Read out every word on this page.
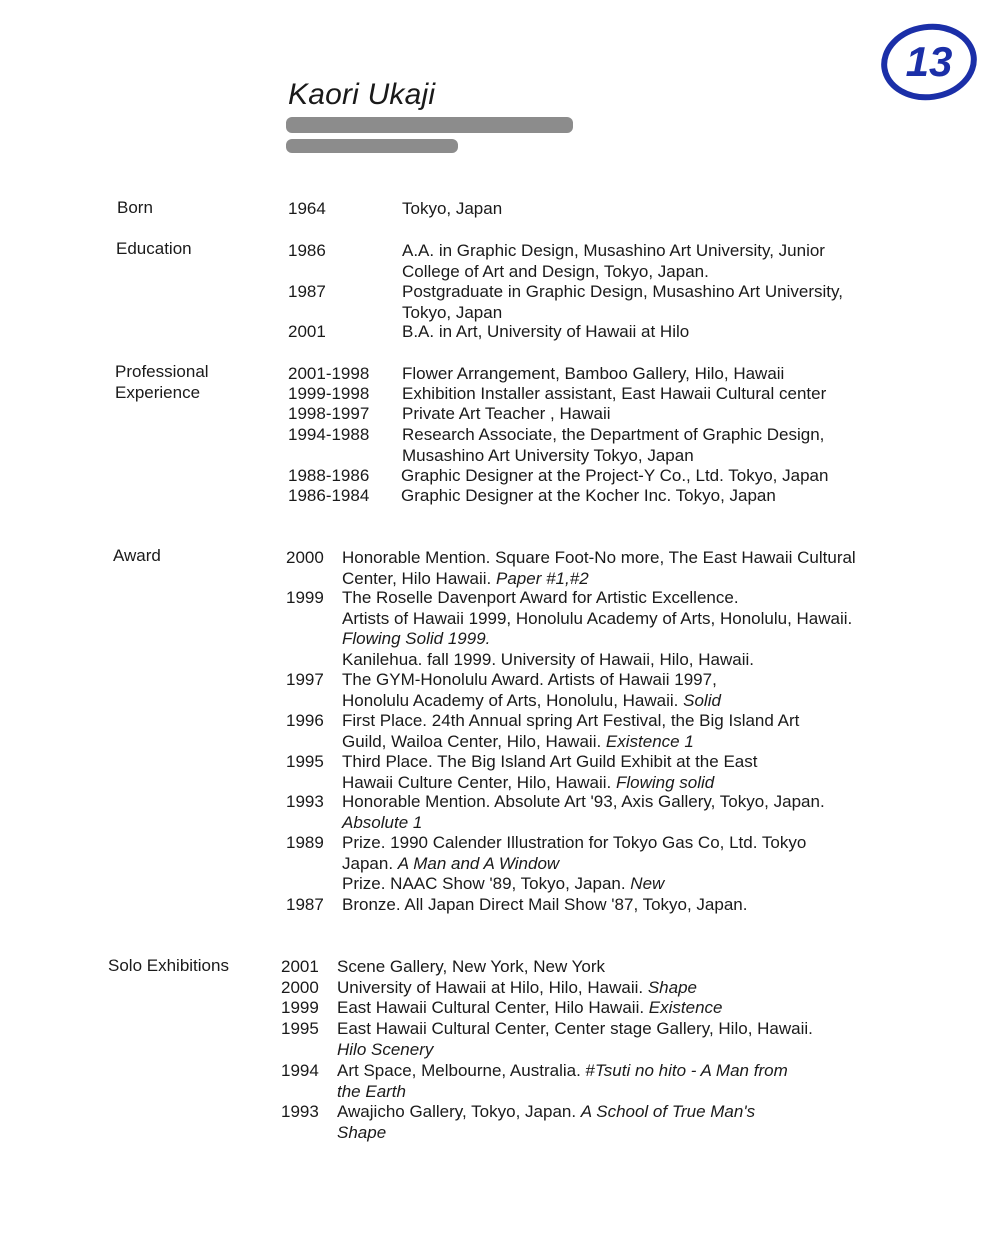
13
Kaori Ukaji
Born	1964	Tokyo, Japan
Education	1986	A.A. in Graphic Design, Musashino Art University, Junior
College of Art and Design, Tokyo, Japan.
1987	Postgraduate in Graphic Design, Musashino Art University,
Tokyo, Japan
2001	B.A. in Art, University of Hawaii at Hilo
Professional
Experience
2001-1998 Flower Arrangement, Bamboo Gallery, Hilo, Hawaii
1999-1998 Exhibition Installer assistant, East Hawaii Cultural center
1998-1997 Private Art Teacher , Hawaii
1994-1988 Research Associate, the Department of Graphic Design,
Musashino Art University Tokyo, Japan
1988-1986 Graphic Designer at the Project-Y Co., Ltd. Tokyo, Japan
1986-1984 Graphic Designer at the Kocher Inc. Tokyo, Japan
Award	2000 Honorable Mention. Square Foot-No more, The East Hawaii Cultural
Center, Hilo Hawaii. Paper #1,#2
1999 The Roselle Davenport Award for Artistic Excellence.
Artists of Hawaii 1999, Honolulu Academy of Arts, Honolulu, Hawaii.
Flowing Solid 1999.
Kanilehua. fall 1999. University of Hawaii, Hilo, Hawaii.
1997 The GYM-Honolulu Award. Artists of Hawaii 1997,
Honolulu Academy of Arts, Honolulu, Hawaii. Solid
1996 First Place. 24th Annual spring Art Festival, the Big Island Art
Guild, Wailoa Center, Hilo, Hawaii. Existence 1
1995 Third Place. The Big Island Art Guild Exhibit at the East
Hawaii Culture Center, Hilo, Hawaii. Flowing solid
1993 Honorable Mention. Absolute Art '93, Axis Gallery, Tokyo, Japan.
Absolute 1
1989 Prize. 1990 Calender Illustration for Tokyo Gas Co, Ltd. Tokyo
Japan. A Man and A Window
Prize. NAAC Show '89, Tokyo, Japan. New
1987 Bronze. All Japan Direct Mail Show '87, Tokyo, Japan.
Solo Exhibitions	2001 Scene Gallery, New York, New York
2000 University of Hawaii at Hilo, Hilo, Hawaii. Shape
1999 East Hawaii Cultural Center, Hilo Hawaii. Existence
1995 East Hawaii Cultural Center, Center stage Gallery, Hilo, Hawaii.
Hilo Scenery
1994 Art Space, Melbourne, Australia. #Tsuti no hito - A Man from
the Earth
1993 Awajicho Gallery, Tokyo, Japan. A School of True Man's
Shape
